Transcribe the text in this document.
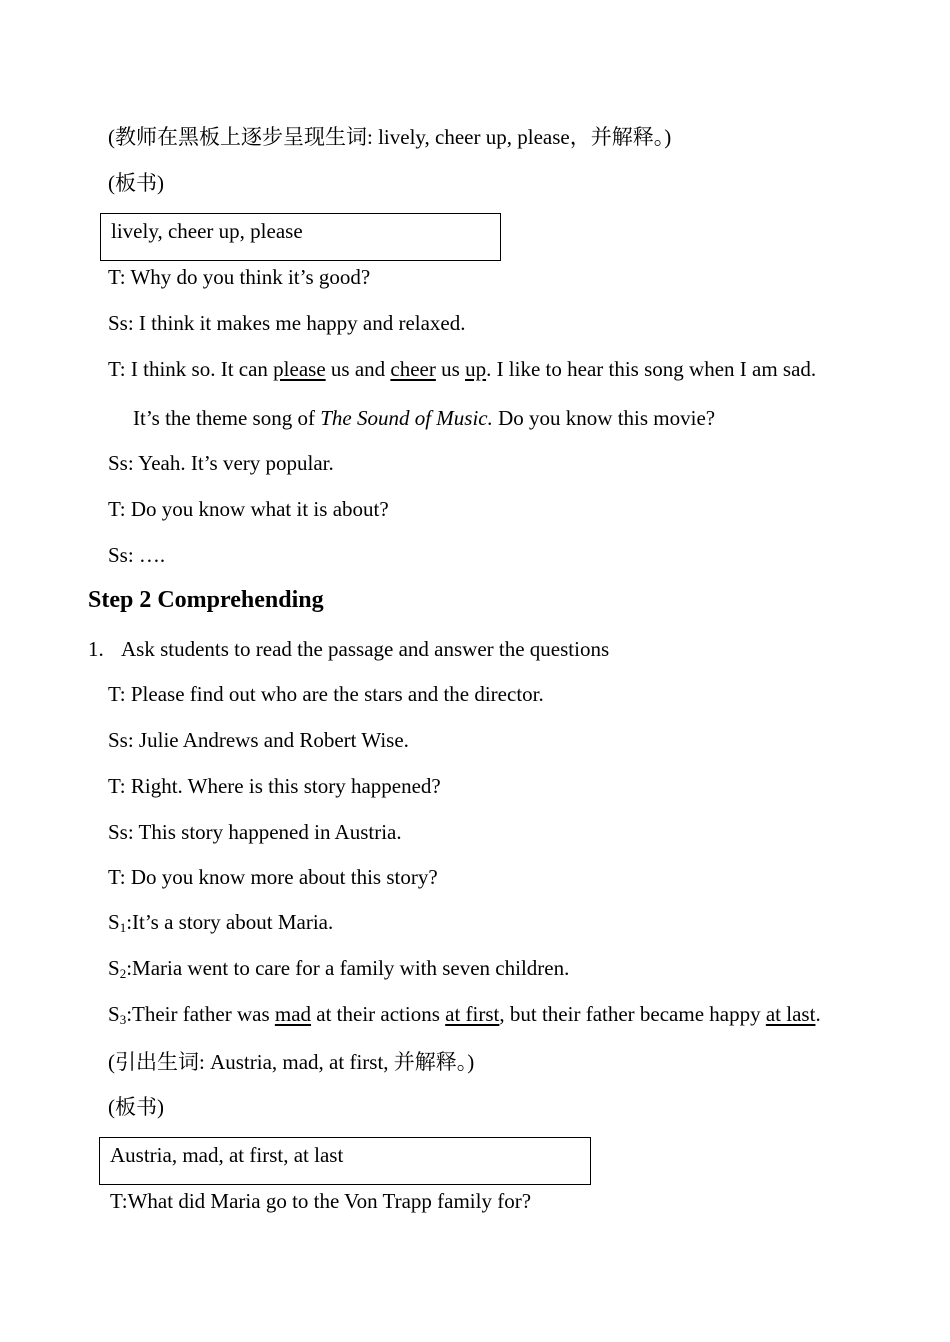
(教师在黑板上逐步呈现生词: lively, cheer up, please，并解释。)
(板书)
lively, cheer up, please
T: Why do you think it’s good?
Ss: I think it makes me happy and relaxed.
T: I think so. It can please us and cheer us up. I like to hear this song when I am sad.
It’s the theme song of The Sound of Music. Do you know this movie?
Ss: Yeah. It’s very popular.
T: Do you know what it is about?
Ss: ….
Step 2 Comprehending
1. Ask students to read the passage and answer the questions
T: Please find out who are the stars and the director.
Ss: Julie Andrews and Robert Wise.
T: Right. Where is this story happened?
Ss: This story happened in Austria.
T: Do you know more about this story?
$S_1:It’s$ a story about Maria.
$S_2:Maria$ went to care for a family with seven children.
$S_3:Their$ father was mad at their actions at first, but their father became happy at last.
(引出生词: Austria, mad, at first, 并解释。)
(板书)
Austria, mad, at first, at last
T:What did Maria go to the Von Trapp family for?
